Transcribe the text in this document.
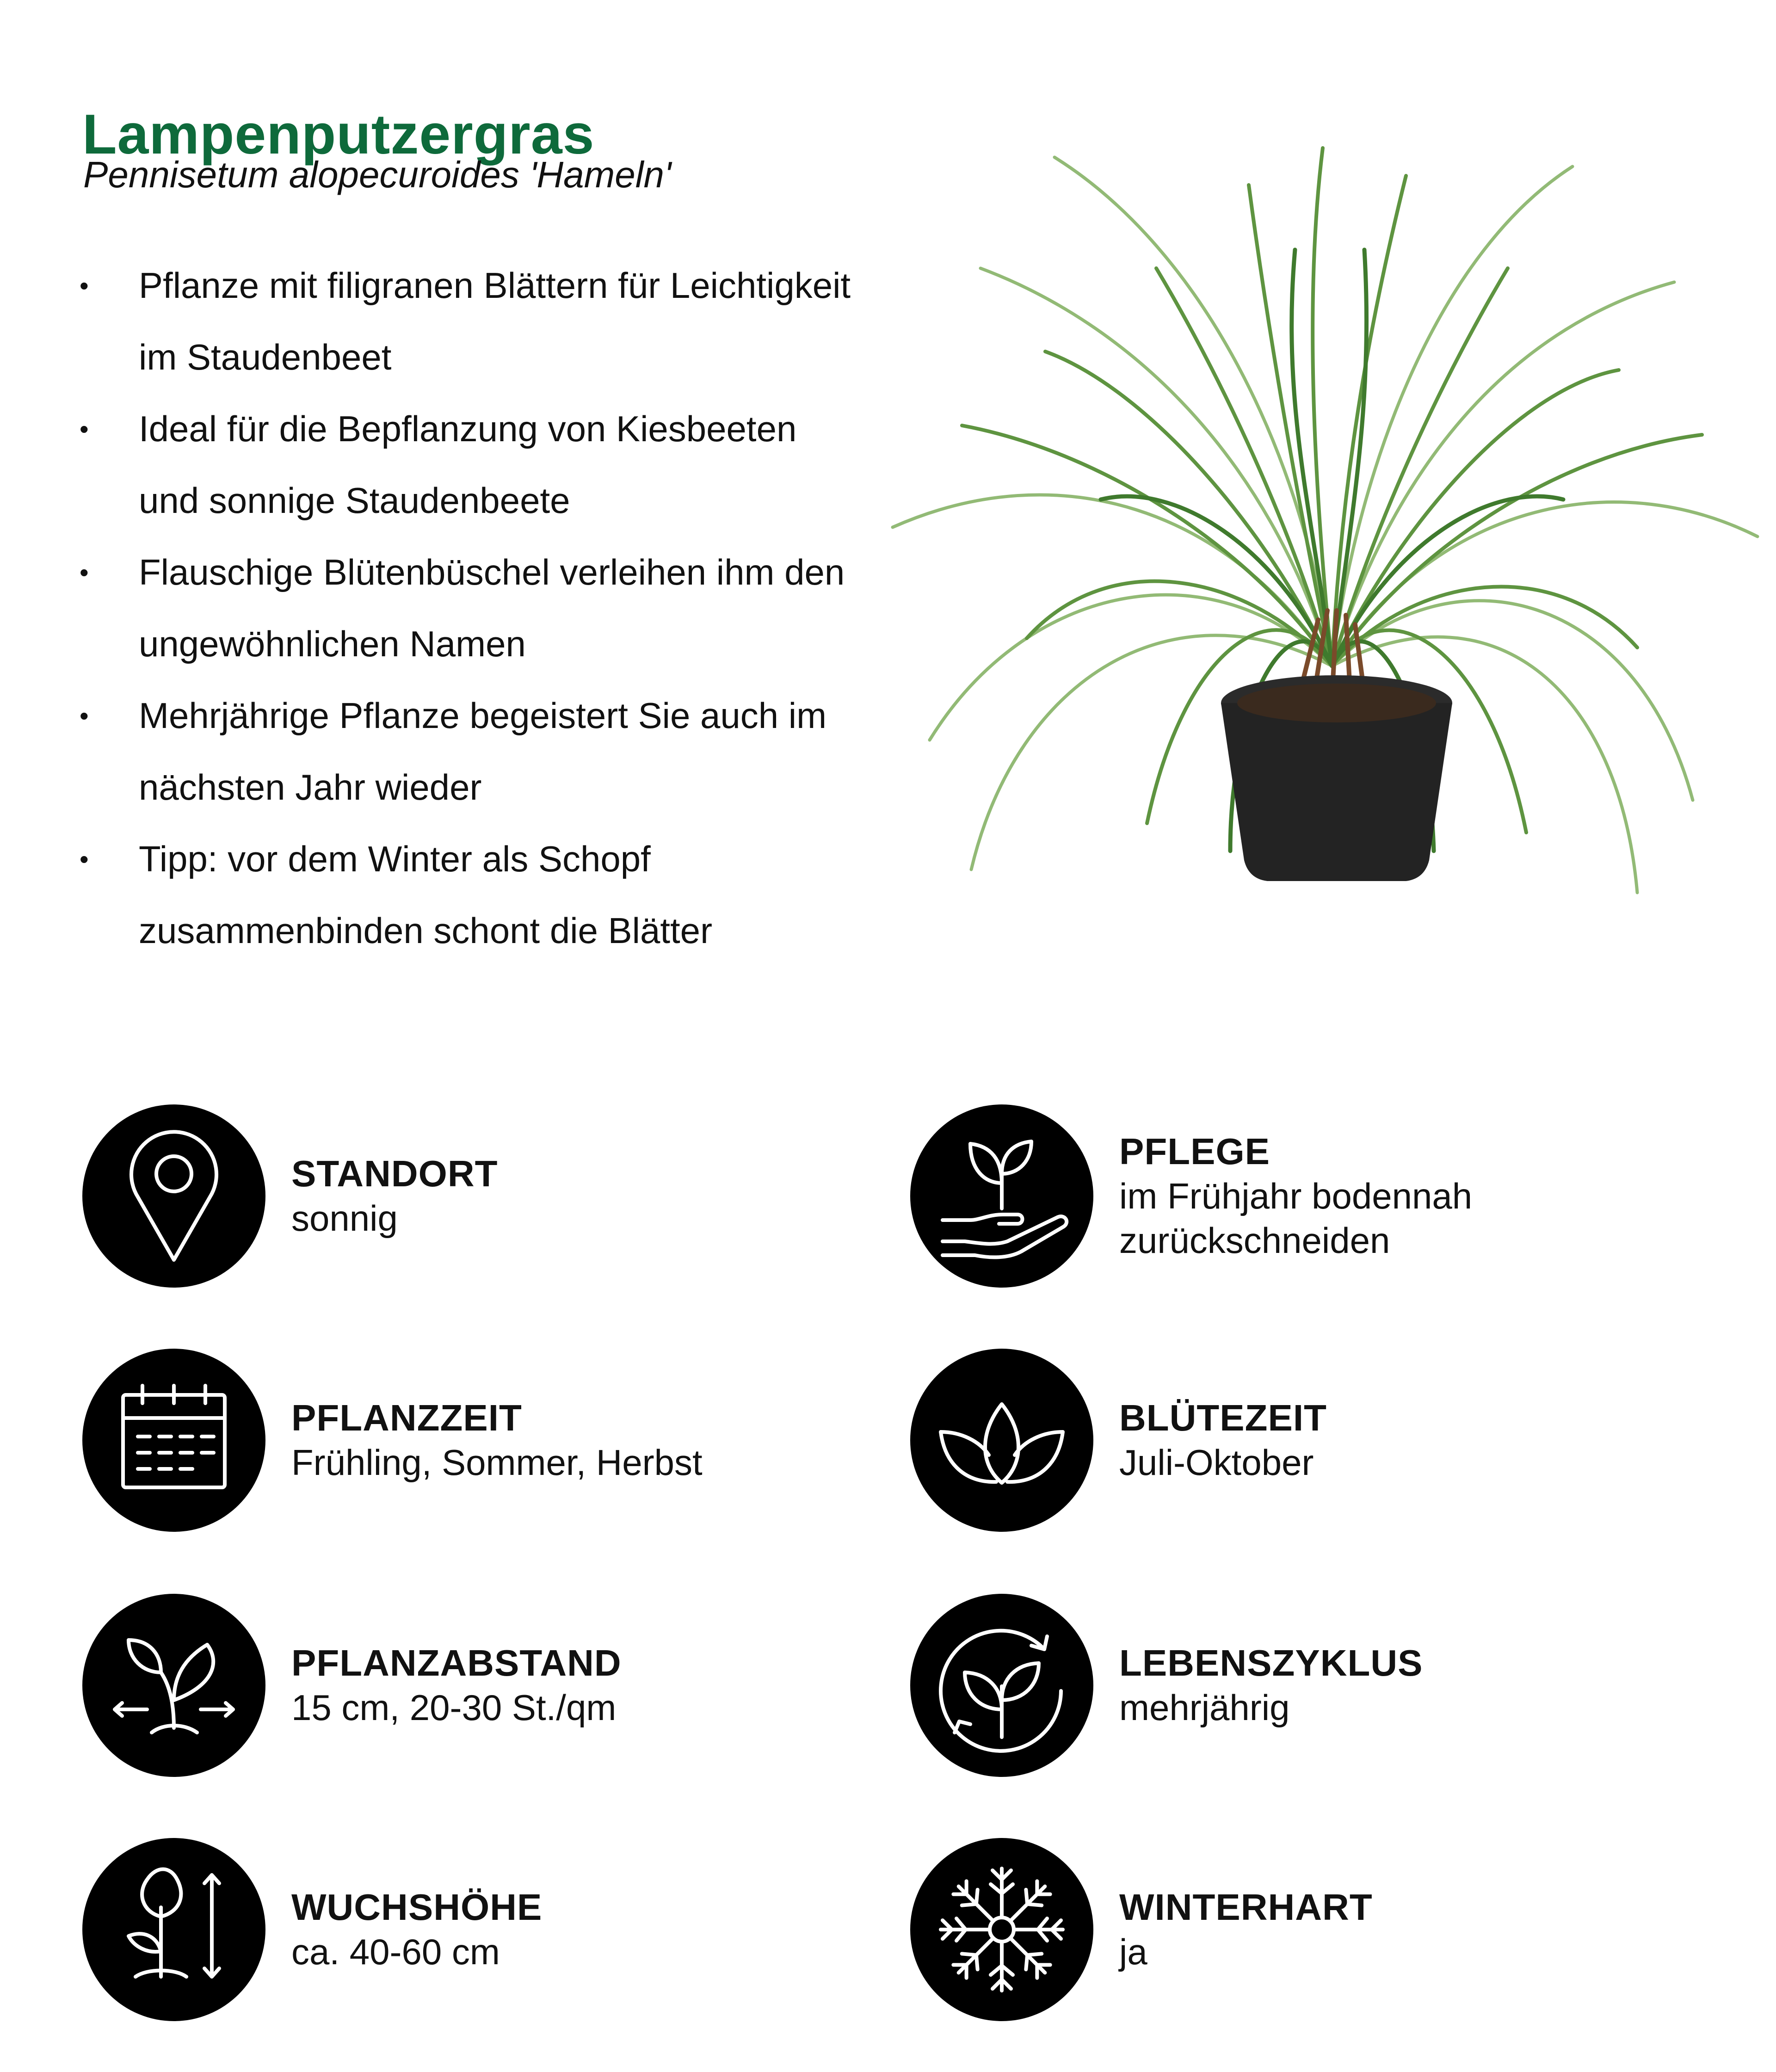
Lampenputzergras
Pennisetum alopecuroides 'Hameln'
• Pflanze mit filigranen Blättern für Leichtigkeit im Staudenbeet
• Ideal für die Bepflanzung von Kiesbeeten und sonnige Staudenbeete
• Flauschige Blütenbüschel verleihen ihm den ungewöhnlichen Namen
• Mehrjährige Pflanze begeistert Sie auch im nächsten Jahr wieder
• Tipp: vor dem Winter als Schopf zusammenbinden schont die Blätter
STANDORT
sonnig
PFLEGE
im Frühjahr bodennah
zurückschneiden
PFLANZZEIT
Frühling, Sommer, Herbst
BLÜTEZEIT
Juli-Oktober
PFLANZABSTAND
15 cm, 20-30 St./qm
LEBENSZYKLUS
mehrjährig
WUCHSHÖHE
ca. 40-60 cm
WINTERHART
ja
